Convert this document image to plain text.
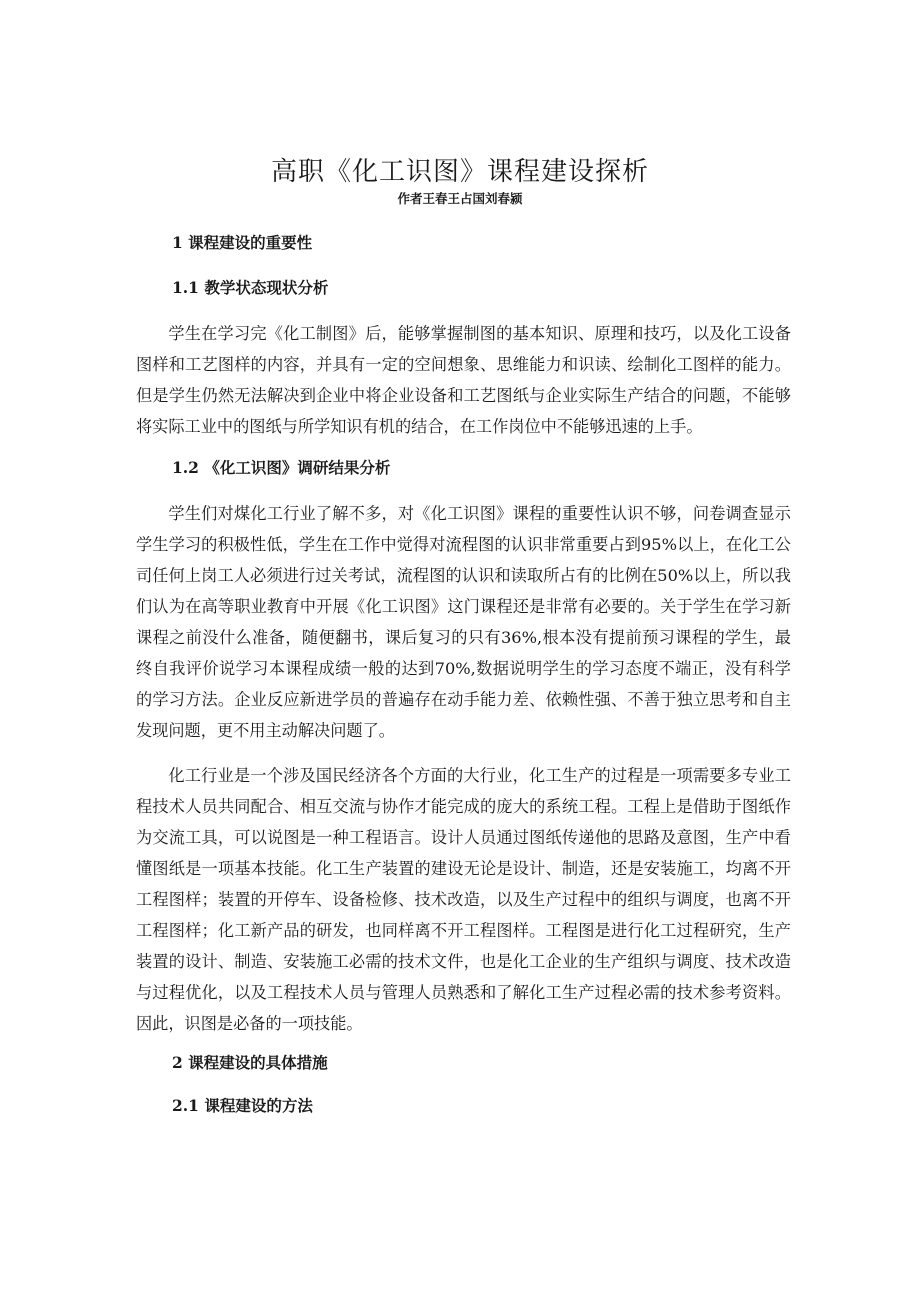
高职《化工识图》课程建设探析
作者王春王占国刘春颍
1 课程建设的重要性
1.1 教学状态现状分析

学生在学习完《化工制图》后，能够掌握制图的基本知识、原理和技巧，以及化工设备图样和工艺图样的内容，并具有一定的空间想象、思维能力和识读、绘制化工图样的能力。但是学生仍然无法解决到企业中将企业设备和工艺图纸与企业实际生产结合的问题，不能够将实际工业中的图纸与所学知识有机的结合，在工作岗位中不能够迅速的上手。

1.2 《化工识图》调研结果分析

学生们对煤化工行业了解不多，对《化工识图》课程的重要性认识不够，问卷调查显示学生学习的积极性低，学生在工作中觉得对流程图的认识非常重要占到95%以上，在化工公司任何上岗工人必须进行过关考试，流程图的认识和读取所占有的比例在50%以上，所以我们认为在高等职业教育中开展《化工识图》这门课程还是非常有必要的。关于学生在学习新课程之前没什么准备，随便翻书，课后复习的只有36%,根本没有提前预习课程的学生，最终自我评价说学习本课程成绩一般的达到70%,数据说明学生的学习态度不端正，没有科学的学习方法。企业反应新进学员的普遍存在动手能力差、依赖性强、不善于独立思考和自主发现问题，更不用主动解决问题了。

化工行业是一个涉及国民经济各个方面的大行业，化工生产的过程是一项需要多专业工程技术人员共同配合、相互交流与协作才能完成的庞大的系统工程。工程上是借助于图纸作为交流工具，可以说图是一种工程语言。设计人员通过图纸传递他的思路及意图，生产中看懂图纸是一项基本技能。化工生产装置的建设无论是设计、制造，还是安装施工，均离不开工程图样；装置的开停车、设备检修、技术改造，以及生产过程中的组织与调度，也离不开工程图样；化工新产品的研发，也同样离不开工程图样。工程图是进行化工过程研究，生产装置的设计、制造、安装施工必需的技术文件，也是化工企业的生产组织与调度、技术改造与过程优化，以及工程技术人员与管理人员熟悉和了解化工生产过程必需的技术参考资料。因此，识图是必备的一项技能。

2 课程建设的具体措施
2.1 课程建设的方法
